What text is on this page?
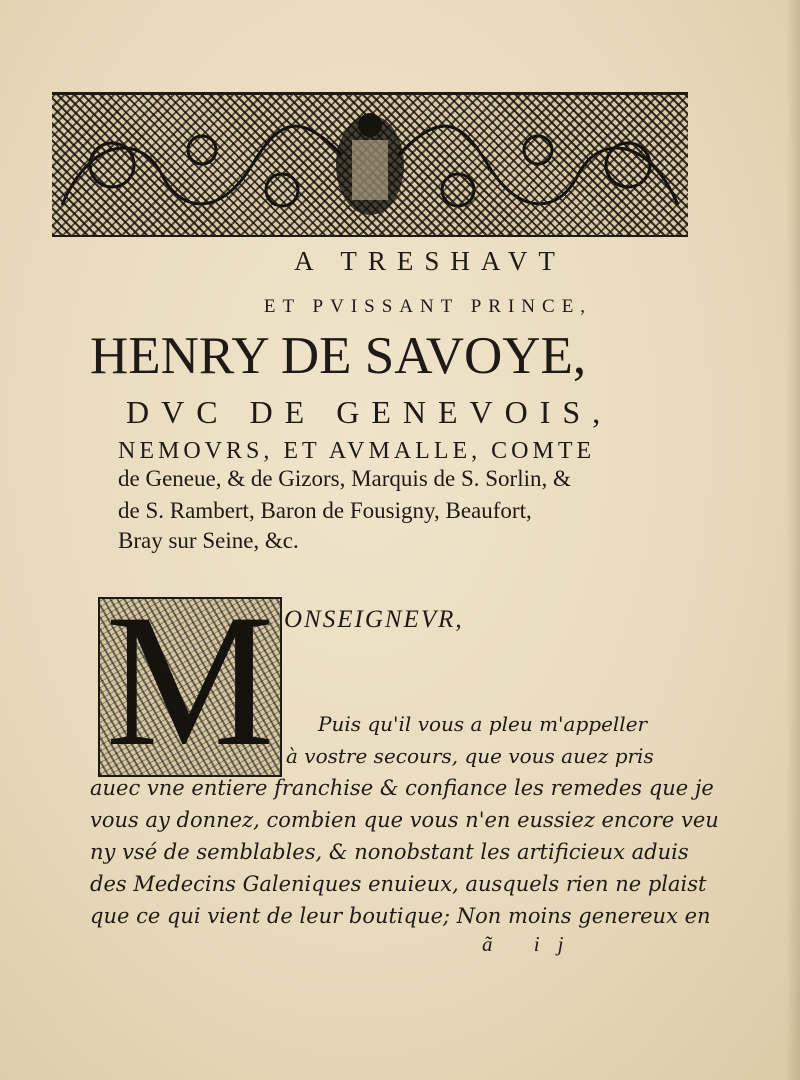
A TRESHAVT
ET PVISSANT PRINCE,
HENRY DE SAVOYE,
DVC DE GENEVOIS,
NEMOVRS, ET AVMALLE, COMTE
de Geneue, & de Gizors, Marquis de S. Sorlin, &
de S. Rambert, Baron de Fousigny, Beaufort,
Bray sur Seine, &c.
M ONSEIGNEVR,
Puis qu'il vous a pleu m'appeller
à vostre secours, que vous auez pris
auec vne entiere franchise & confiance les remedes que je
vous ay donnez, combien que vous n'en eussiez encore veu
ny vsé de semblables, & nonobstant les artificieux aduis
des Medecins Galeniques enuieux, ausquels rien ne plaist
que ce qui vient de leur boutique; Non moins genereux en
ã ij
